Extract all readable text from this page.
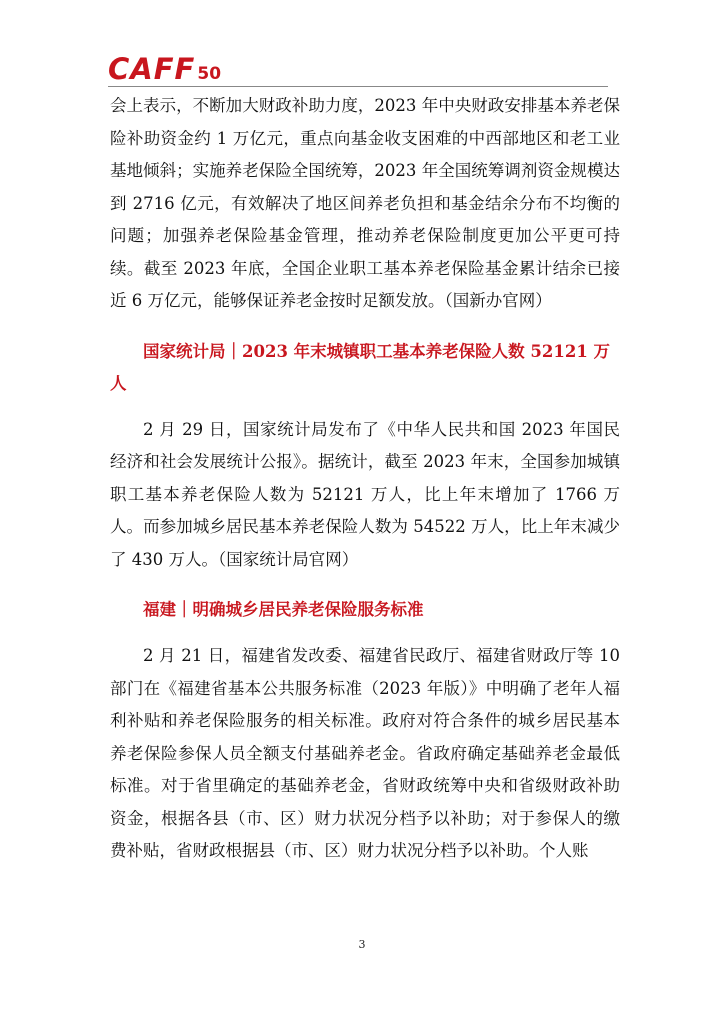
CAFF 50

会上表示，不断加大财政补助力度，2023 年中央财政安排基本养老保险补助资金约 1 万亿元，重点向基金收支困难的中西部地区和老工业基地倾斜；实施养老保险全国统筹，2023 年全国统筹调剂资金规模达到 2716 亿元，有效解决了地区间养老负担和基金结余分布不均衡的问题；加强养老保险基金管理，推动养老保险制度更加公平更可持续。截至 2023 年底，全国企业职工基本养老保险基金累计结余已接近 6 万亿元，能够保证养老金按时足额发放。（国新办官网）

国家统计局｜2023 年末城镇职工基本养老保险人数 52121 万人

2 月 29 日，国家统计局发布了《中华人民共和国 2023 年国民经济和社会发展统计公报》。据统计，截至 2023 年末，全国参加城镇职工基本养老保险人数为 52121 万人，比上年末增加了 1766 万人。而参加城乡居民基本养老保险人数为 54522 万人，比上年末减少了 430 万人。（国家统计局官网）

福建｜明确城乡居民养老保险服务标准

2 月 21 日，福建省发改委、福建省民政厅、福建省财政厅等 10 部门在《福建省基本公共服务标准（2023 年版）》中明确了老年人福利补贴和养老保险服务的相关标准。政府对符合条件的城乡居民基本养老保险参保人员全额支付基础养老金。省政府确定基础养老金最低标准。对于省里确定的基础养老金，省财政统筹中央和省级财政补助资金，根据各县（市、区）财力状况分档予以补助；对于参保人的缴费补贴，省财政根据县（市、区）财力状况分档予以补助。个人账

3
